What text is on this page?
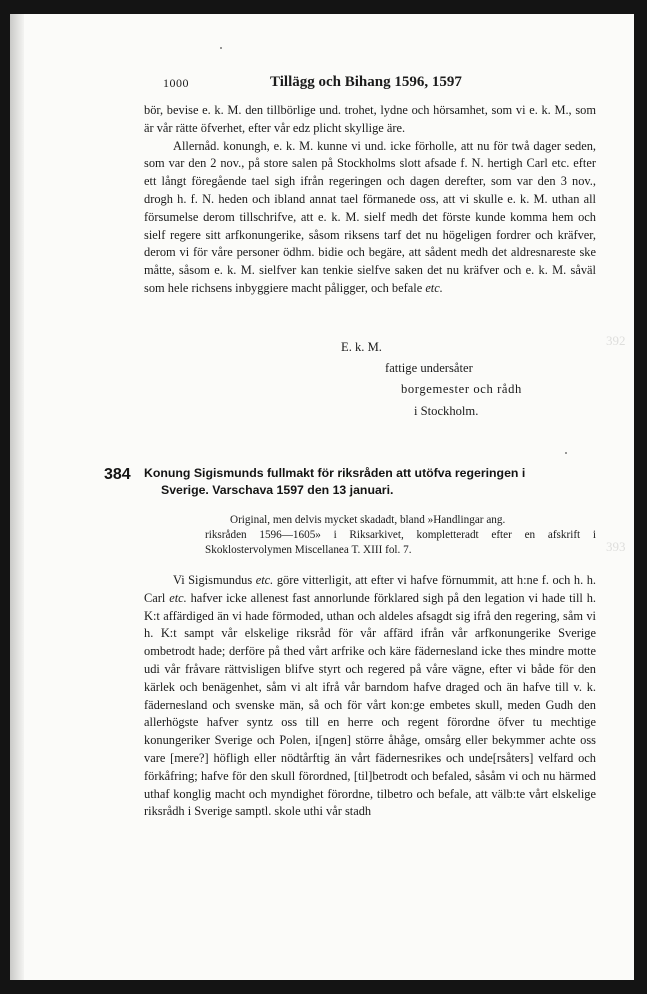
392
393
1000	Tillägg och Bihang 1596, 1597

bör, bevise e. k. M. den tillbörlige und. trohet, lydne och hörsamhet, som vi e. k. M., som är vår rätte öfverhet, efter vår edz plicht skyllige äre.

Allernåd. konungh, e. k. M. kunne vi und. icke förholle, att nu för twå dager seden, som var den 2 nov., på store salen på Stockholms slott afsade f. N. hertigh Carl etc. efter ett långt föregående tael sigh ifrån regeringen och dagen derefter, som var den 3 nov., drogh h. f. N. heden och ibland annat tael förmanede oss, att vi skulle e. k. M. uthan all försumelse derom tillschrifve, att e. k. M. sielf medh det förste kunde komma hem och sielf regere sitt arfkonungerike, såsom riksens tarf det nu högeligen fordrer och kräfver, derom vi för våre personer ödhm. bidie och begäre, att sådent medh det aldresnareste ske måtte, såsom e. k. M. sielfver kan tenkie sielfve saken det nu kräfver och e. k. M. såväl som hele richsens inbyggiere macht påligger, och befale etc.

E. k. M.
fattige undersåter
borgemester och rådh
i Stockholm.
384 Konung Sigismunds fullmakt för riksråden att utöfva regeringen i
Sverige. Varschava 1597 den 13 januari.
Original, men delvis mycket skadadt, bland »Handlingar ang.
riksråden 1596—1605» i Riksarkivet, kompletteradt efter en afskrift i Skoklostervolymen Miscellanea T. XIII fol. 7.

Vi Sigismundus etc. göre vitterligit, att efter vi hafve förnummit, att h:ne f. och h. h. Carl etc. hafver icke allenest fast annorlunde förklared sigh på den legation vi hade till h. K:t affärdiged än vi hade förmoded, uthan och aldeles afsagdt sig ifrå den regering, såm vi h. K:t sampt vår elskelige riksråd för vår affärd ifrån vår arfkonungerike Sverige ombetrodt hade; derföre på thed vårt arfrike och käre fädernesland icke thes mindre motte udi vår fråvare rättvisligen blifve styrt och regered på våre vägne, efter vi både för den kärlek och benägenhet, såm vi alt ifrå vår barndom hafve draged och än hafve till v. k. fädernesland och svenske män, så och för vårt kon:ge embetes skull, meden Gudh den allerhögste hafver syntz oss till en herre och regent förordne öfver tu mechtige konungeriker Sverige och Polen, i[ngen] större åhåge, omsårg eller bekymmer achte oss vare [mere?] höfligh eller nödtårftig än vårt fädernesrikes och unde[rsåters] velfard och förkåfring; hafve för den skull förordned, [til]betrodt och befaled, såsåm vi och nu härmed uthaf konglig macht och myndighet förordne, tilbetro och befale, att välb:te vårt elskelige riksrådh i Sverige samptl. skole uthi vår stadh
